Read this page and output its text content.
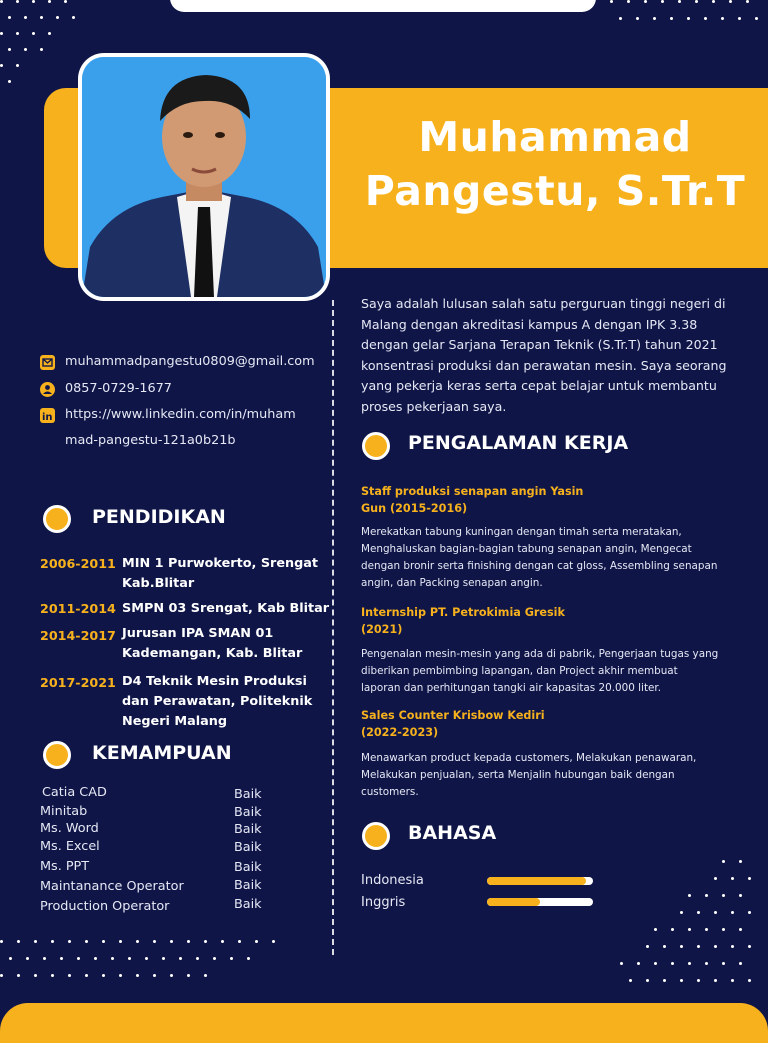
Muhammad
Pangestu, S.Tr.T
Saya adalah lulusan salah satu perguruan tinggi negeri di Malang dengan akreditasi kampus A dengan IPK 3.38 dengan gelar Sarjana Terapan Teknik (S.Tr.T) tahun 2021 konsentrasi produksi dan perawatan mesin. Saya seorang yang pekerja keras serta cepat belajar untuk membantu proses pekerjaan saya.
muhammadpangestu0809@gmail.com
0857-0729-1677
in https://www.linkedin.com/in/muham
mad-pangestu-121a0b21b
PENDIDIKAN
2006-2011 MIN 1 Purwokerto, Srengat
Kab.Blitar
2011-2014 SMPN 03 Srengat, Kab Blitar
2014-2017 Jurusan IPA SMAN 01
Kademangan, Kab. Blitar
2017-2021 D4 Teknik Mesin Produksi
dan Perawatan, Politeknik
Negeri Malang
KEMAMPUAN
Catia CAD	Baik
Minitab	Baik
Ms. Word	Baik
Ms. Excel	Baik
Ms. PPT	Baik
Maintanance Operator	Baik
Production Operator	Baik
PENGALAMAN KERJA
Staff produksi senapan angin Yasin
Gun (2015-2016)
Merekatkan tabung kuningan dengan timah serta meratakan,
Menghaluskan bagian-bagian tabung senapan angin, Mengecat
dengan bronir serta finishing dengan cat gloss, Assembling senapan
angin, dan Packing senapan angin.
Internship PT. Petrokimia Gresik
(2021)
Pengenalan mesin-mesin yang ada di pabrik, Pengerjaan tugas yang
diberikan pembimbing lapangan, dan Project akhir membuat
laporan dan perhitungan tangki air kapasitas 20.000 liter.
Sales Counter Krisbow Kediri
(2022-2023)
Menawarkan product kepada customers, Melakukan penawaran,
Melakukan penjualan, serta Menjalin hubungan baik dengan
customers.
BAHASA
Indonesia
Inggris
